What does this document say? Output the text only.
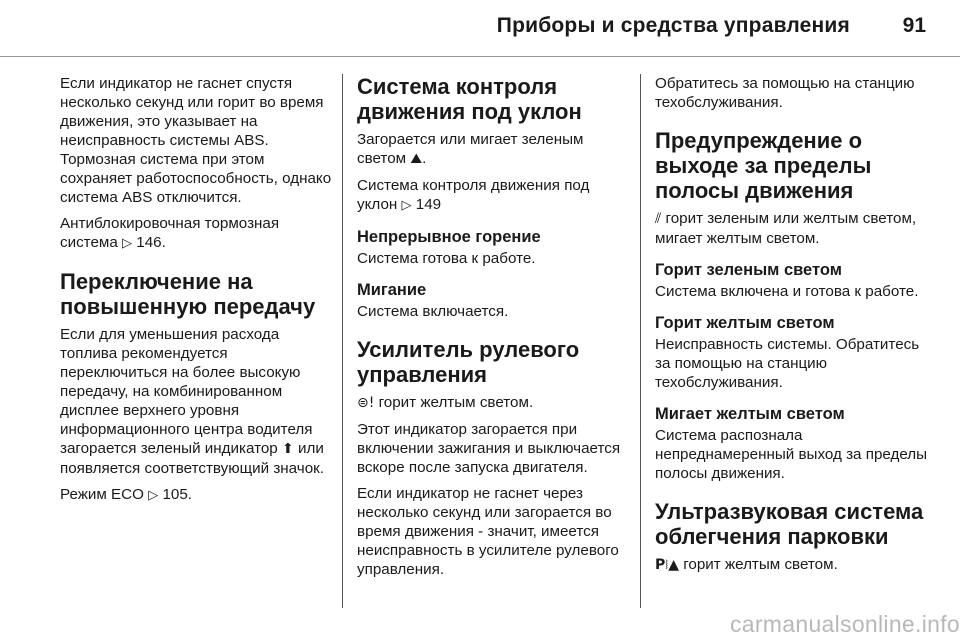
Приборы и средства управления	91

Если индикатор не гаснет спустя несколько секунд или горит во время движения, это указывает на неисправность системы ABS. Тормозная система при этом сохраняет работоспособность, однако система ABS отключится.

Антиблокировочная тормозная система ▷ 146.

Переключение на повышенную передачу

Если для уменьшения расхода топлива рекомендуется переключиться на более высокую передачу, на комбинированном дисплее верхнего уровня информационного центра водителя загорается зеленый индикатор ⬆ или появляется соответствующий значок.

Режим ECO ▷ 105.

Система контроля движения под уклон

Загорается или мигает зеленым светом ⛰.

Система контроля движения под уклон ▷ 149

Непрерывное горение

Система готова к работе.

Мигание

Система включается.

Усилитель рулевого управления

⊜! горит желтым светом.

Этот индикатор загорается при включении зажигания и выключается вскоре после запуска двигателя.

Если индикатор не гаснет через несколько секунд или загорается во время движения - значит, имеется неисправность в усилителе рулевого управления.

Обратитесь за помощью на станцию техобслуживания.

Предупреждение о выходе за пределы полосы движения

⫽ горит зеленым или желтым светом, мигает желтым светом.

Горит зеленым светом

Система включена и готова к работе.

Горит желтым светом

Неисправность системы. Обратитесь за помощью на станцию техобслуживания.

Мигает желтым светом

Система распознала непреднамеренный выход за пределы полосы движения.

Ультразвуковая система облегчения парковки

P⧘▲ горит желтым светом.

carmanualsonline.info
